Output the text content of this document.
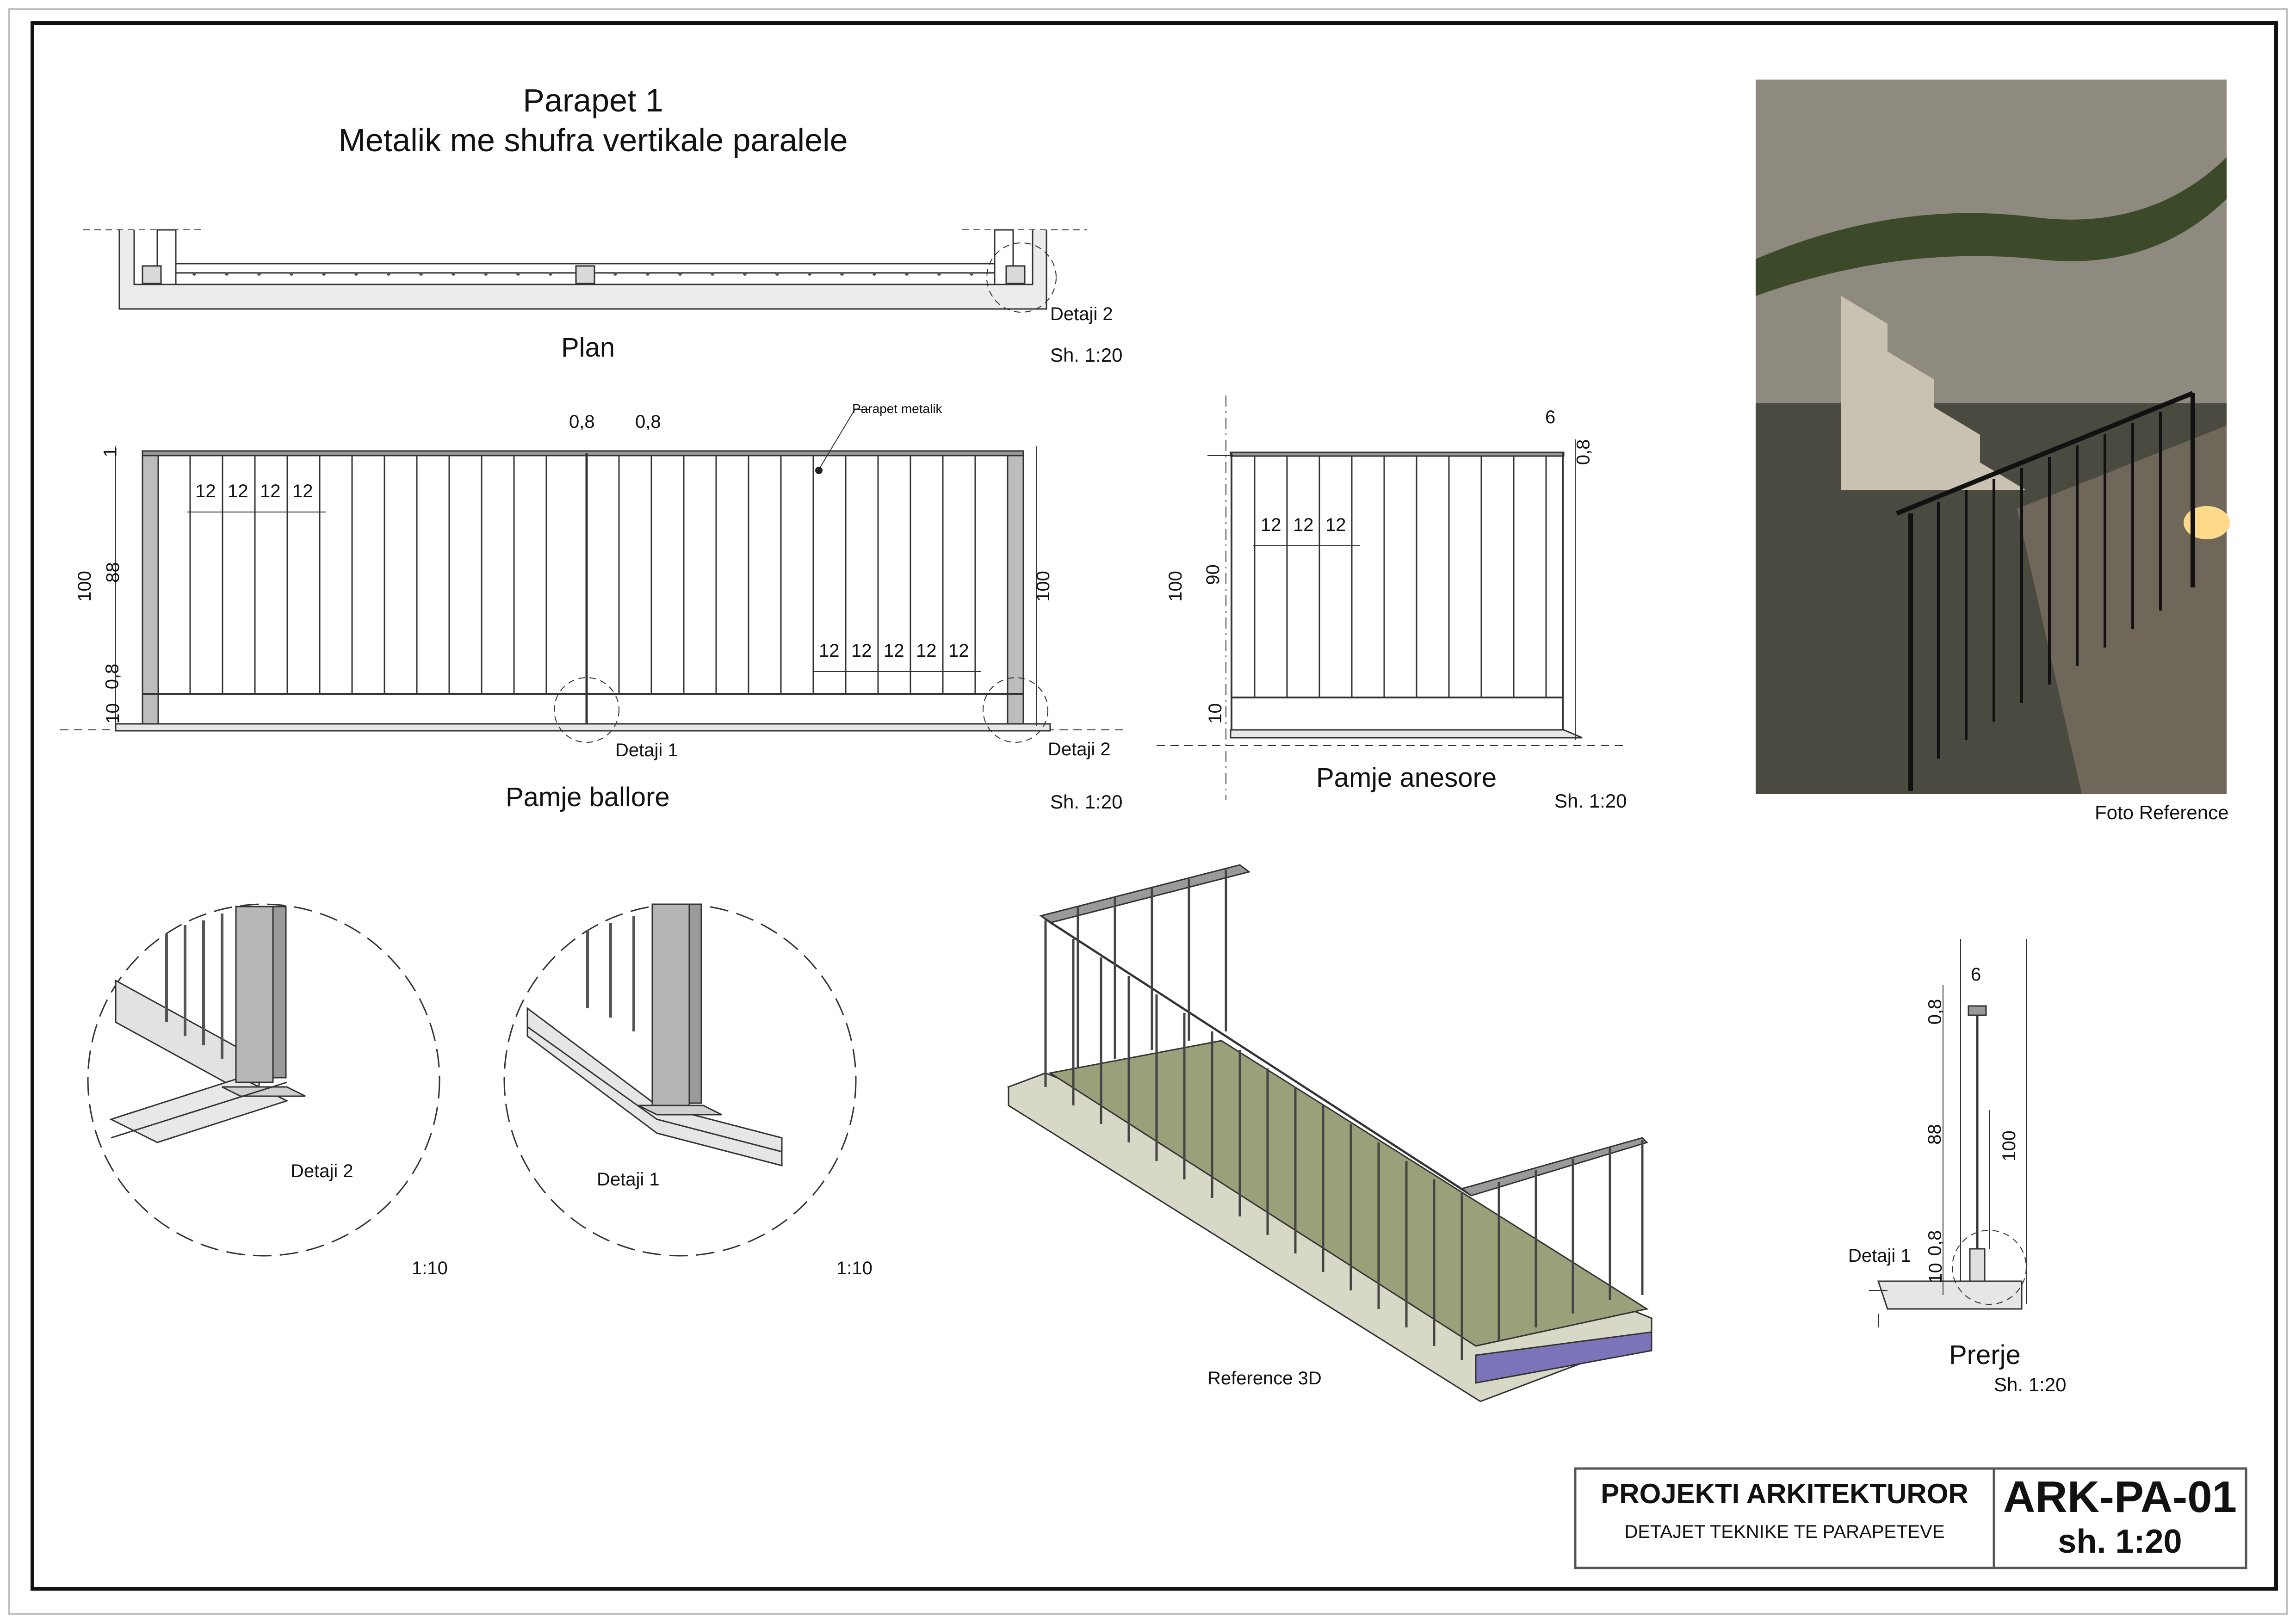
Parapet 1
Metalik me shufra vertikale paralele
Plan
Detaji 2
Sh. 1:20
Pamje ballore	Sh. 1:20
Parapet metalik
Detaji 1	Detaji 2
0,8 0,8
1
88
0,8
10
100	100
12 12 12 12
12 12 12 12 12
Pamje anesore
Sh. 1:20
6
0,8
100 90
10
12 12 12
Foto Reference
Detaji 2
1:10
Detaji 1
1:10
Reference 3D
Prerje
Sh. 1:20
Detaji 1
6
0,8
88	100
0,8
10
PROJEKTI ARKITEKTUROR
DETAJET TEKNIKE TE PARAPETEVE
ARK-PA-01
sh. 1:20
